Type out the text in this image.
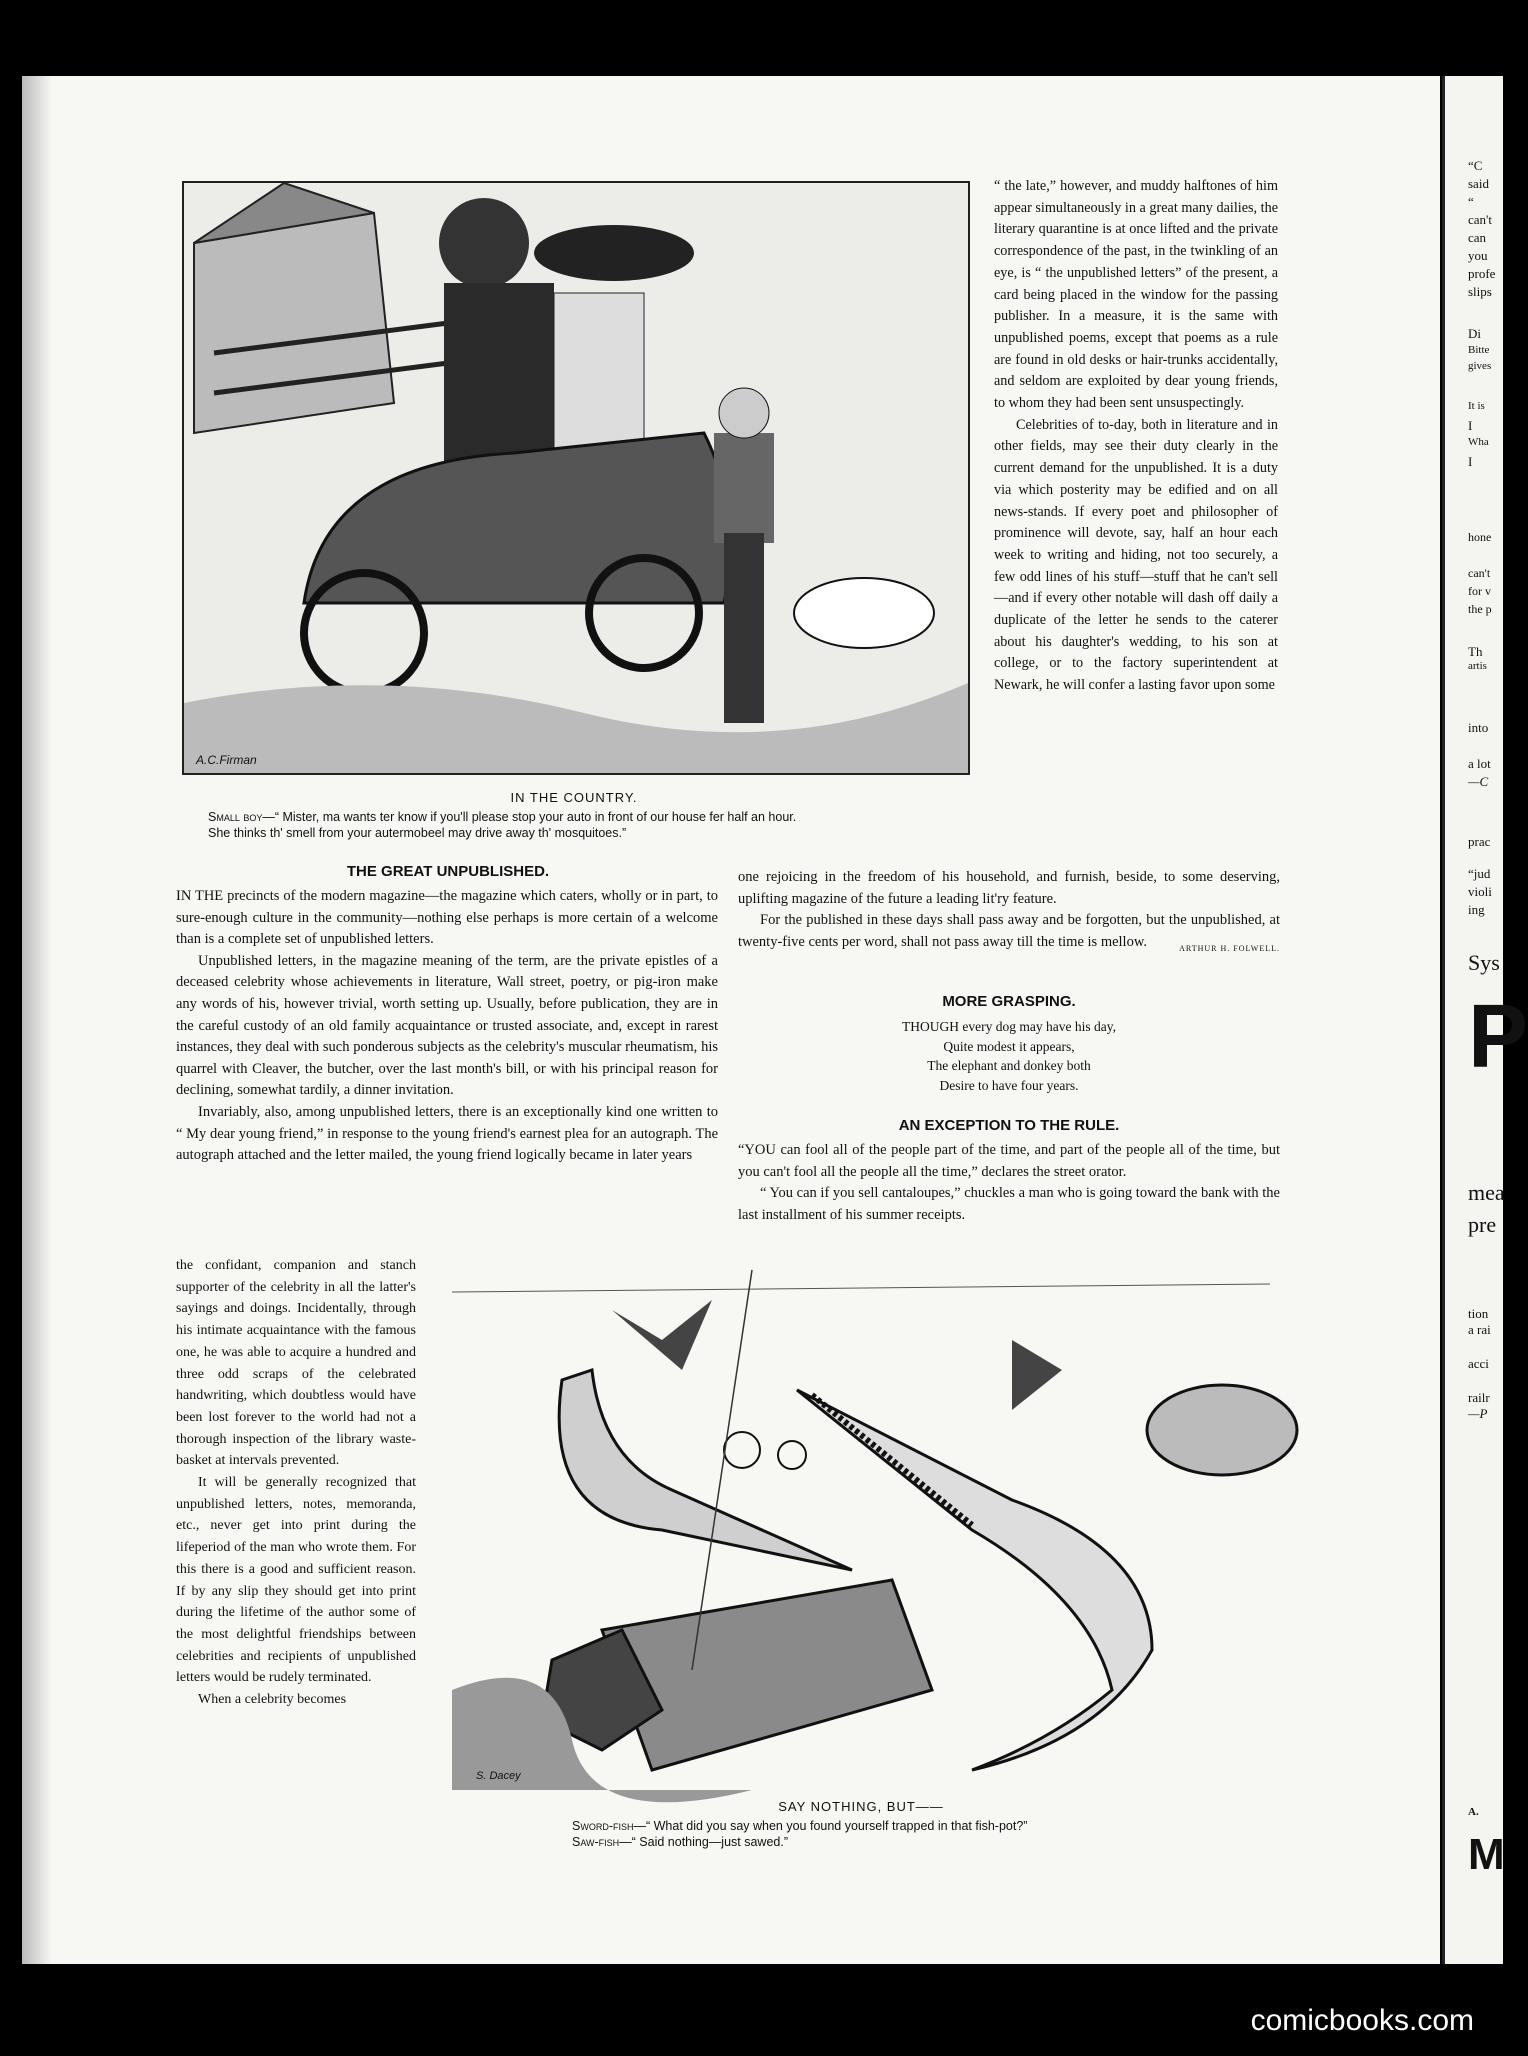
A.C.Firman
IN THE COUNTRY.
Small boy—“ Mister, ma wants ter know if you'll please stop your auto in front of our house fer half an hour.
She thinks th' smell from your autermobeel may drive away th' mosquitoes.”
THE GREAT UNPUBLISHED.

IN THE precincts of the modern magazine—the magazine which caters, wholly or in part, to sure-enough culture in the community—nothing else perhaps is more certain of a welcome than is a complete set of unpublished letters.

Unpublished letters, in the magazine meaning of the term, are the private epistles of a deceased celebrity whose achievements in literature, Wall street, poetry, or pig-iron make any words of his, however trivial, worth setting up. Usually, before publication, they are in the careful custody of an old family acquaintance or trusted associate, and, except in rarest instances, they deal with such ponderous subjects as the celebrity's muscular rheumatism, his quarrel with Cleaver, the butcher, over the last month's bill, or with his principal reason for declining, somewhat tardily, a dinner invitation.

Invariably, also, among unpublished letters, there is an exceptionally kind one written to “ My dear young friend,” in response to the young friend's earnest plea for an autograph. The autograph attached and the letter mailed, the young friend logically became in later years

the confidant, companion and stanch supporter of the celebrity in all the latter's sayings and doings. Incidentally, through his intimate acquaintance with the famous one, he was able to acquire a hundred and three odd scraps of the celebrated handwriting, which doubtless would have been lost forever to the world had not a thorough inspection of the library waste-basket at intervals prevented.

It will be generally recognized that unpublished letters, notes, memoranda, etc., never get into print during the lifeperiod of the man who wrote them. For this there is a good and sufficient reason. If by any slip they should get into print during the lifetime of the author some of the most delightful friendships between celebrities and recipients of unpublished letters would be rudely terminated.

When a celebrity becomes

“ the late,” however, and muddy halftones of him appear simultaneously in a great many dailies, the literary quarantine is at once lifted and the private correspondence of the past, in the twinkling of an eye, is “ the unpublished letters” of the present, a card being placed in the window for the passing publisher. In a measure, it is the same with unpublished poems, except that poems as a rule are found in old desks or hair-trunks accidentally, and seldom are exploited by dear young friends, to whom they had been sent unsuspectingly.

Celebrities of to-day, both in literature and in other fields, may see their duty clearly in the current demand for the unpublished. It is a duty via which posterity may be edified and on all news-stands. If every poet and philosopher of prominence will devote, say, half an hour each week to writing and hiding, not too securely, a few odd lines of his stuff—stuff that he can't sell—and if every other notable will dash off daily a duplicate of the letter he sends to the caterer about his daughter's wedding, to his son at college, or to the factory superintendent at Newark, he will confer a lasting favor upon some

one rejoicing in the freedom of his household, and furnish, beside, to some deserving, uplifting magazine of the future a leading lit'ry feature.

For the published in these days shall pass away and be forgotten, but the unpublished, at twenty-five cents per word, shall not pass away till the time is mellow.	ARTHUR H. FOLWELL.

MORE GRASPING.
THOUGH every dog may have his day,
Quite modest it appears,
The elephant and donkey both
Desire to have four years.
AN EXCEPTION TO THE RULE.

“YOU can fool all of the people part of the time, and part of the people all of the time, but you can't fool all the people all the time,” declares the street orator.

“ You can if you sell cantaloupes,” chuckles a man who is going toward the bank with the last installment of his summer receipts.

S. Dacey
SAY NOTHING, BUT——
Sword-fish—“ What did you say when you found yourself trapped in that fish-pot?”
Saw-fish—“ Said nothing—just sawed.”
“C
said
“
can't
can
you
profe
slips
Di
Bitte
gives
It is
I
Wha
I
hone
can't
for v
the p
Th
artis
into
a lot
—C
prac
“jud
violi
ing
Sys
P
mea
pre
tion
a rai
acci
railr
—P
A.
M
comicbooks.com
